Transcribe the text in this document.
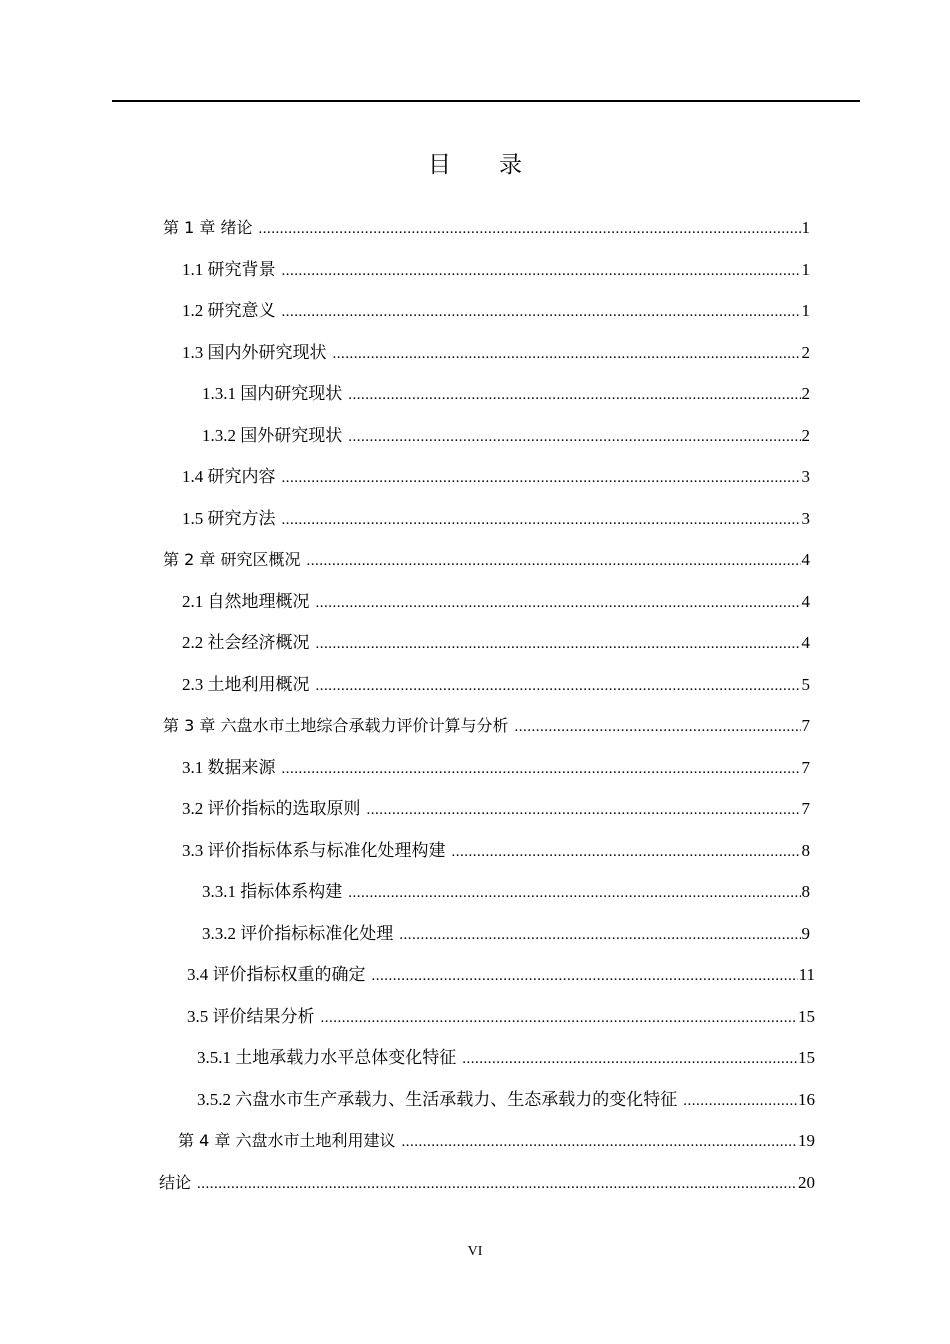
目 录
第 1 章 绪论 .....	1
1.1 研究背景 .....	1
1.2 研究意义 .....	1
1.3 国内外研究现状 .....	2
1.3.1 国内研究现状 .....	2
1.3.2 国外研究现状 .....	2
1.4 研究内容 .....	3
1.5 研究方法 .....	3
第 2 章 研究区概况 .....	4
2.1 自然地理概况 .....	4
2.2 社会经济概况 .....	4
2.3 土地利用概况 .....	5
第 3 章 六盘水市土地综合承载力评价计算与分析 .....	7
3.1 数据来源 .....	7
3.2 评价指标的选取原则 .....	7
3.3 评价指标体系与标准化处理构建 .....	8
3.3.1 指标体系构建 .....	8
3.3.2 评价指标标准化处理 .....	9
3.4 评价指标权重的确定 .....	11
3.5 评价结果分析 .....	15
3.5.1 土地承载力水平总体变化特征 .....	15
3.5.2 六盘水市生产承载力、生活承载力、生态承载力的变化特征 .....	16
第 4 章 六盘水市土地利用建议 .....	19
结论 .....	20
VI
